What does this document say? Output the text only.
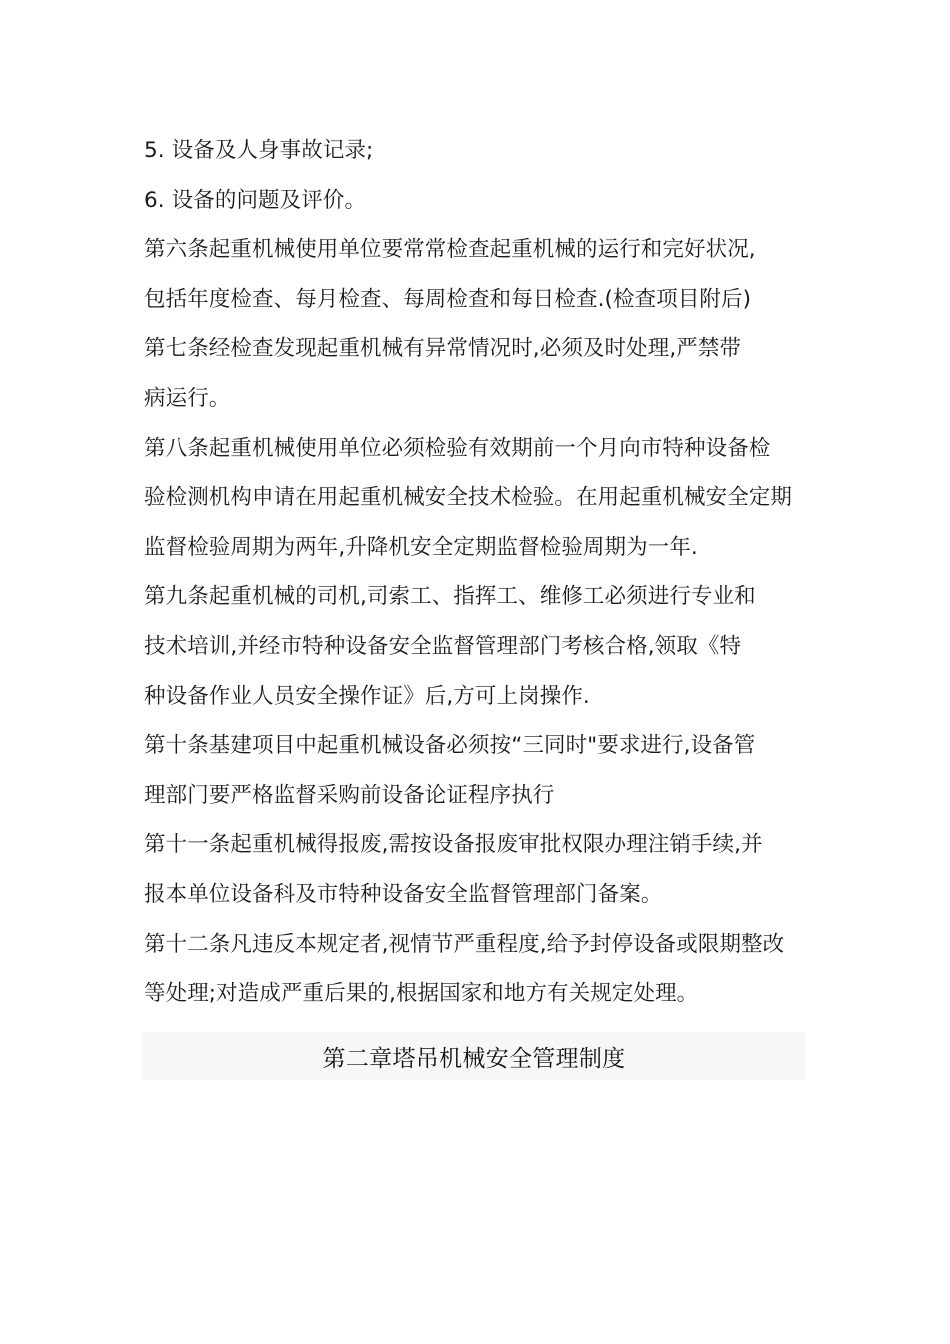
5. 设备及人身事故记录;
6. 设备的问题及评价。
第六条起重机械使用单位要常常检查起重机械的运行和完好状况,
包括年度检查、每月检查、每周检查和每日检查.(检查项目附后)
第七条经检查发现起重机械有异常情况时,必须及时处理,严禁带
病运行。
第八条起重机械使用单位必须检验有效期前一个月向市特种设备检
验检测机构申请在用起重机械安全技术检验。在用起重机械安全定期
监督检验周期为两年,升降机安全定期监督检验周期为一年.
第九条起重机械的司机,司索工、指挥工、维修工必须进行专业和
技术培训,并经市特种设备安全监督管理部门考核合格,领取《特
种设备作业人员安全操作证》后,方可上岗操作.
第十条基建项目中起重机械设备必须按“三同时"要求进行,设备管
理部门要严格监督采购前设备论证程序执行
第十一条起重机械得报废,需按设备报废审批权限办理注销手续,并
报本单位设备科及市特种设备安全监督管理部门备案。
第十二条凡违反本规定者,视情节严重程度,给予封停设备或限期整改
等处理;对造成严重后果的,根据国家和地方有关规定处理。
第二章塔吊机械安全管理制度
